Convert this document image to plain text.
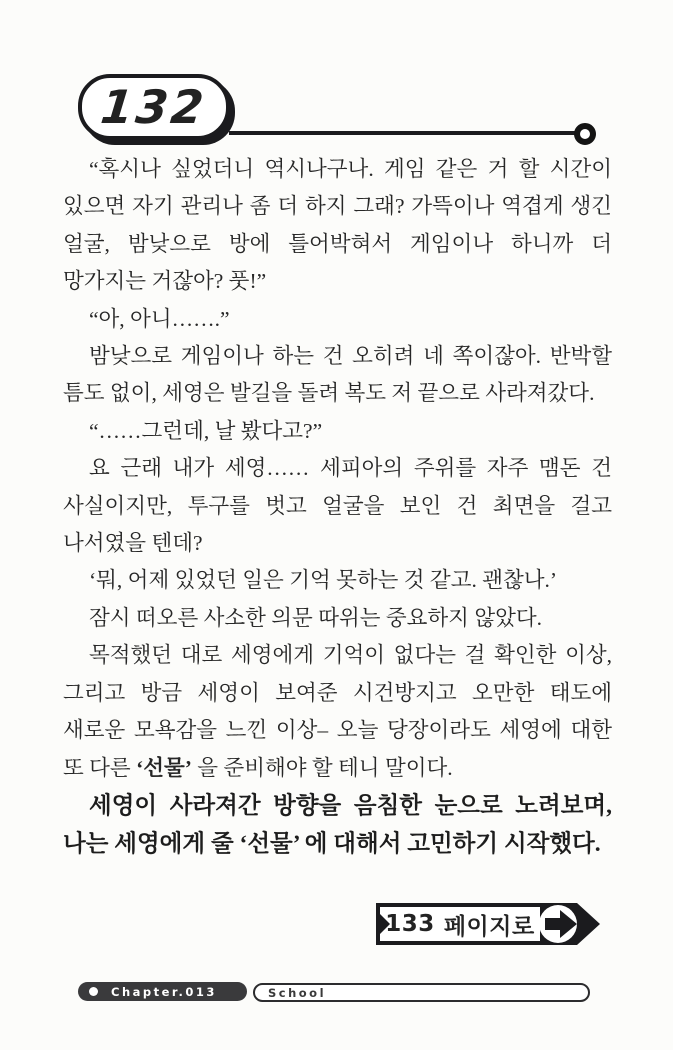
132

“혹시나 싶었더니 역시나구나. 게임 같은 거 할 시간이 있으면 자기 관리나 좀 더 하지 그래? 가뜩이나 역겹게 생긴 얼굴, 밤낮으로 방에 틀어박혀서 게임이나 하니까 더 망가지는 거잖아? 풋!”

“아, 아니…….”

밤낮으로 게임이나 하는 건 오히려 네 쪽이잖아. 반박할 틈도 없이, 세영은 발길을 돌려 복도 저 끝으로 사라져갔다.

“……그런데, 날 봤다고?”

요 근래 내가 세영…… 세피아의 주위를 자주 맴돈 건 사실이지만, 투구를 벗고 얼굴을 보인 건 최면을 걸고 나서였을 텐데?

‘뭐, 어제 있었던 일은 기억 못하는 것 같고. 괜찮나.’

잠시 떠오른 사소한 의문 따위는 중요하지 않았다.

목적했던 대로 세영에게 기억이 없다는 걸 확인한 이상, 그리고 방금 세영이 보여준 시건방지고 오만한 태도에 새로운 모욕감을 느낀 이상– 오늘 당장이라도 세영에 대한 또 다른 ‘선물’ 을 준비해야 할 테니 말이다.

세영이 사라져간 방향을 음침한 눈으로 노려보며, 나는 세영에게 줄 ‘선물’ 에 대해서 고민하기 시작했다.

133 페이지로
Chapter.013	School
